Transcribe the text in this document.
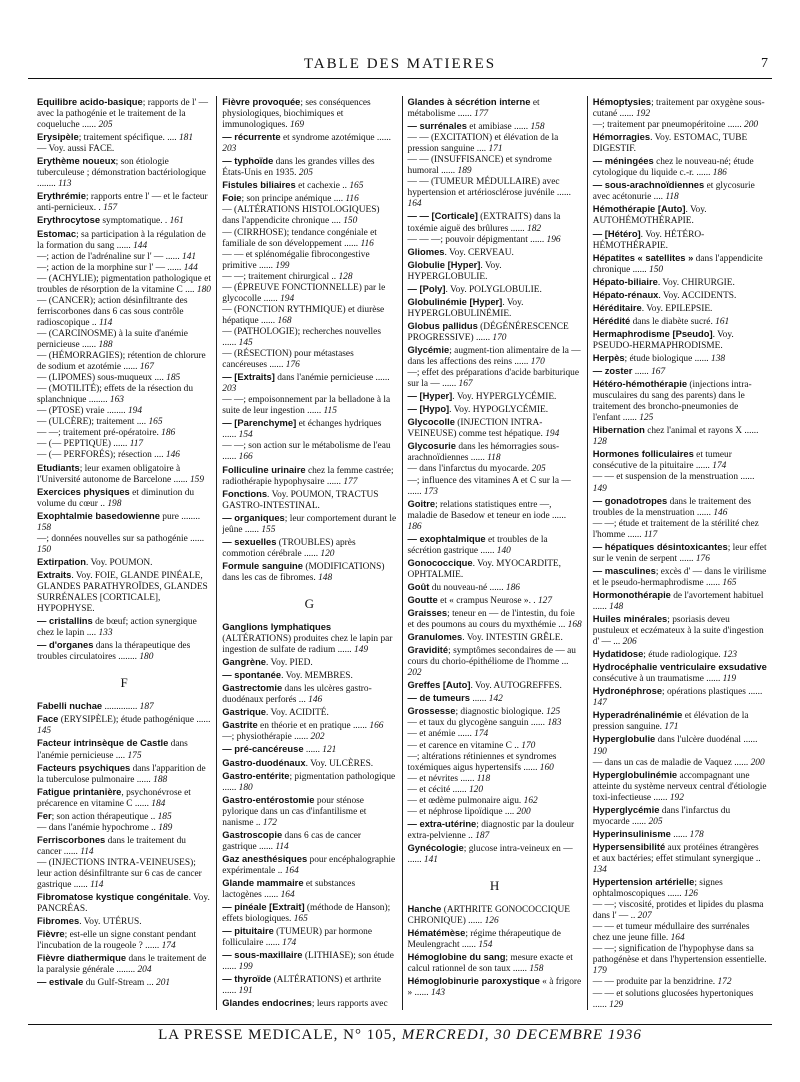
TABLE DES MATIERES	7

Equilibre acido-basique; rapports de l' — avec la pathogénie et le traitement de la coqueluche ...... 205

Erysipèle; traitement spécifique. .... 181

— Voy. aussi FACE.

Erythème noueux; son étiologie tuberculeuse ; démonstration bactériologique ........ 113

Erythrémie; rapports entre l' — et le facteur anti-pernicieux. . 157

Erythrocytose symptomatique. . 161

Estomac; sa participation à la régulation de la formation du sang ...... 144

—; action de l'adrénaline sur l' — ...... 141

—; action de la morphine sur l' — ...... 144

— (ACHYLIE); pigmentation pathologique et troubles de résorption de la vitamine C .... 180

— (CANCER); action désinfiltrante des ferriscorbones dans 6 cas sous contrôle radioscopique .. 114

— (CARCINOSME) à la suite d'anémie pernicieuse ...... 188

— (HÉMORRAGIES); rétention de chlorure de sodium et azotémie ...... 167

— (LIPOMES) sous-muqueux .... 185

— (MOTILITÉ); effets de la résection du splanchnique ........ 163

— (PTOSE) vraie ........ 194

— (ULCÈRE); traitement .... 165

— —; traitement pré-opératoire. 186

— (— PEPTIQUE) ...... 117

— (— PERFORÉS); résection .... 146

Etudiants; leur examen obligatoire à l'Université autonome de Barcelone ...... 159

Exercices physiques et diminution du volume du cœur .. 198

Exophtalmie basedowienne pure ........ 158

—; données nouvelles sur sa pathogénie ...... 150

Extirpation. Voy. POUMON.

Extraits. Voy. FOIE, GLANDE PINÉALE, GLANDES PARATHYROÏDES, GLANDES SURRÉNALES [CORTICALE], HYPOPHYSE.

— cristallins de bœuf; action synergique chez le lapin .... 133

— d'organes dans la thérapeutique des troubles circulatoires ........ 180

F

Fabelli nuchae .............. 187

Face (ERYSIPÈLE); étude pathogénique ...... 145

Facteur intrinsèque de Castle dans l'anémie pernicieuse .... 175

Facteurs psychiques dans l'apparition de la tuberculose pulmonaire ...... 188

Fatigue printanière, psychonévrose et précarence en vitamine C ...... 184

Fer; son action thérapeutique .. 185

— dans l'anémie hypochrome .. 189

Ferriscorbones dans le traitement du cancer ...... 114

— (INJECTIONS INTRA-VEINEUSES); leur action désinfiltrante sur 6 cas de cancer gastrique ...... 114

Fibromatose kystique congénitale. Voy. PANCRÉAS.

Fibromes. Voy. UTÉRUS.

Fièvre; est-elle un signe constant pendant l'incubation de la rougeole ? ...... 174

Fièvre diathermique dans le traitement de la paralysie générale ........ 204

— estivale du Gulf-Stream ... 201

Fièvre provoquée; ses conséquences physiologiques, biochimiques et immunologiques. 169

— récurrente et syndrome azotémique ...... 203

— typhoïde dans les grandes villes des États-Unis en 1935. 205

Fistules biliaires et cachexie .. 165

Foie; son principe anémique .... 116

— (ALTÉRATIONS HISTOLOGIQUES) dans l'appendicite chronique .... 150

— (CIRRHOSE); tendance congéniale et familiale de son développement ...... 116

— — et splénomégalie fibrocongestive primitive ...... 199

— —; traitement chirurgical .. 128

— (ÉPREUVE FONCTIONNELLE) par le glycocolle ...... 194

— (FONCTION RYTHMIQUE) et diurèse hépatique ...... 168

— (PATHOLOGIE); recherches nouvelles ...... 145

— (RÉSECTION) pour métastases cancéreuses ...... 176

— [Extraits] dans l'anémie pernicieuse ...... 203

— —; empoisonnement par la belladone à la suite de leur ingestion ...... 115

— [Parenchyme] et échanges hydriques ...... 154

— —; son action sur le métabolisme de l'eau ...... 166

Folliculine urinaire chez la femme castrée; radiothérapie hypophysaire ...... 177

Fonctions. Voy. POUMON, TRACTUS GASTRO-INTESTINAL.

— organiques; leur comportement durant le jeûne ...... 155

— sexuelles (TROUBLES) après commotion cérébrale ...... 120

Formule sanguine (MODIFICATIONS) dans les cas de fibromes. 148

G

Ganglions lymphatiques (ALTÉRATIONS) produites chez le lapin par ingestion de sulfate de radium ...... 149

Gangrène. Voy. PIED.

— spontanée. Voy. MEMBRES.

Gastrectomie dans les ulcères gastro-duodénaux perforés ... 146

Gastrique. Voy. ACIDITÉ.

Gastrite en théorie et en pratique ...... 166

—; physiothérapie ...... 202

— pré-cancéreuse ...... 121

Gastro-duodénaux. Voy. ULCÈRES.

Gastro-entérite; pigmentation pathologique ...... 180

Gastro-entérostomie pour sténose pylorique dans un cas d'infantilisme et nanisme .. 172

Gastroscopie dans 6 cas de cancer gastrique ...... 114

Gaz anesthésiques pour encéphalographie expérimentale .. 164

Glande mammaire et substances lactogènes ...... 164

— pinéale [Extrait] (méthode de Hanson); effets biologiques. 165

— pituitaire (TUMEUR) par hormone folliculaire ...... 174

— sous-maxillaire (LITHIASE); son étude ...... 199

— thyroïde (ALTÉRATIONS) et arthrite ...... 191

Glandes endocrines; leurs rapports avec

Glandes à sécrétion interne et métabolisme ...... 177

— surrénales et amibiase ...... 158

— — (EXCITATION) et élévation de la pression sanguine .... 171

— — (INSUFFISANCE) et syndrome humoral ...... 189

— — (TUMEUR MÉDULLAIRE) avec hypertension et artériosclérose juvénile ...... 164

— — [Corticale] (EXTRAITS) dans la toxémie aiguë des brûlures ...... 182

— — —; pouvoir dépigmentant ...... 196

Gliomes. Voy. CERVEAU.

Globulie [Hyper]. Voy. HYPERGLOBULIE.

— [Poly]. Voy. POLYGLOBULIE.

Globulinémie [Hyper]. Voy. HYPERGLOBULINÉMIE.

Globus pallidus (DÉGÉNÉRESCENCE PROGRESSIVE) ...... 170

Glycémie; augment-tion alimentaire de la — dans les affections des reins ...... 170

—; effet des préparations d'acide barbiturique sur la — ...... 167

— [Hyper]. Voy. HYPERGLYCÉMIE.

— [Hypo]. Voy. HYPOGLYCÉMIE.

Glycocolle (INJECTION INTRA-VEINEUSE) comme test hépatique. 194

Glycosurie dans les hémorragies sous-arachnoïdiennes ...... 118

— dans l'infarctus du myocarde. 205

—; influence des vitamines A et C sur la — ...... 173

Goitre; relations statistiques entre —, maladie de Basedow et teneur en iode ...... 186

— exophtalmique et troubles de la sécrétion gastrique ...... 140

Gonococcique. Voy. MYOCARDITE, OPHTALMIE.

Goût du nouveau-né ...... 186

Goutte et « crampus Neurose ». . 127

Graisses; teneur en — de l'intestin, du foie et des poumons au cours du myxthémie ... 168

Granulomes. Voy. INTESTIN GRÊLE.

Gravidité; symptômes secondaires de — au cours du chorio-épithéliome de l'homme ... 202

Greffes [Auto]. Voy. AUTOGREFFES.

— de tumeurs ...... 142

Grossesse; diagnostic biologique. 125

— et taux du glycogène sanguin ...... 183

— et anémie ...... 174

— et carence en vitamine C .. 170

—; altérations rétiniennes et syndromes toxémiques aigus hypertensifs ...... 160

— et névrites ...... 118

— et cécité ...... 120

— et œdème pulmonaire aigu. 162

— et néphrose lipoïdique .... 200

— extra-utérine; diagnostic par la douleur extra-pelvienne .. 187

Gynécologie; glucose intra-veineux en — ...... 141

H

Hanche (ARTHRITE GONOCOCCIQUE CHRONIQUE) ...... 126

Hématémèse; régime thérapeutique de Meulengracht ...... 154

Hémoglobine du sang; mesure exacte et calcul rationnel de son taux ...... 158

Hémoglobinurie paroxystique « à frigore » ...... 143

Hémoptysies; traitement par oxygène sous-cutané ...... 192

—; traitement par pneumopéritoine ...... 200

Hémorragies. Voy. ESTOMAC, TUBE DIGESTIF.

— méningées chez le nouveau-né; étude cytologique du liquide c.-r. ...... 186

— sous-arachnoïdiennes et glycosurie avec acétonurie .... 118

Hémothérapie [Auto]. Voy. AUTOHÉMOTHÉRAPIE.

— [Hétéro]. Voy. HÉTÉRO-HÉMOTHÉRAPIE.

Hépatites « satellites » dans l'appendicite chronique ...... 150

Hépato-biliaire. Voy. CHIRURGIE.

Hépato-rénaux. Voy. ACCIDENTS.

Héréditaire. Voy. EPILEPSIE.

Hérédité dans le diabète sucré. 161

Hermaphrodisme [Pseudo]. Voy. PSEUDO-HERMAPHRODISME.

Herpès; étude biologique ...... 138

— zoster ...... 167

Hétéro-hémothérapie (injections intra-musculaires du sang des parents) dans le traitement des broncho-pneumonies de l'enfant ...... 125

Hibernation chez l'animal et rayons X ...... 128

Hormones folliculaires et tumeur consécutive de la pituitaire ...... 174

— — et suspension de la menstruation ...... 149

— gonadotropes dans le traitement des troubles de la menstruation ...... 146

— —; étude et traitement de la stérilité chez l'homme ...... 117

— hépatiques désintoxicantes; leur effet sur le venin de serpent ...... 176

— masculines; excès d' — dans le virilisme et le pseudo-hermaphrodisme ...... 165

Hormonothérapie de l'avortement habituel ...... 148

Huiles minérales; psoriasis deveu pustuleux et eczémateux à la suite d'ingestion d' — ... 206

Hydatidose; étude radiologique. 123

Hydrocéphalie ventriculaire exsudative consécutive à un traumatisme ...... 119

Hydronéphrose; opérations plastiques ...... 147

Hyperadrénalinémie et élévation de la pression sanguine. 171

Hyperglobulie dans l'ulcère duodénal ...... 190

— dans un cas de maladie de Vaquez ...... 200

Hyperglobulinémie accompagnant une atteinte du système nerveux central d'étiologie toxi-infectieuse ...... 192

Hyperglycémie dans l'infarctus du myocarde ...... 205

Hyperinsulinisme ...... 178

Hypersensibilité aux protéines étrangères et aux bactéries; effet stimulant synergique .. 134

Hypertension artérielle; signes ophtalmoscopiques ...... 126

— —; viscosité, protides et lipides du plasma dans l' — .. 207

— — et tumeur médullaire des surrénales chez une jeune fille. 164

— —; signification de l'hypophyse dans sa pathogénèse et dans l'hypertension essentielle. 179

— — produite par la benzidrine. 172

— — et solutions glucosées hypertoniques ...... 129

LA PRESSE MEDICALE, N° 105, MERCREDI, 30 DECEMBRE 1936
